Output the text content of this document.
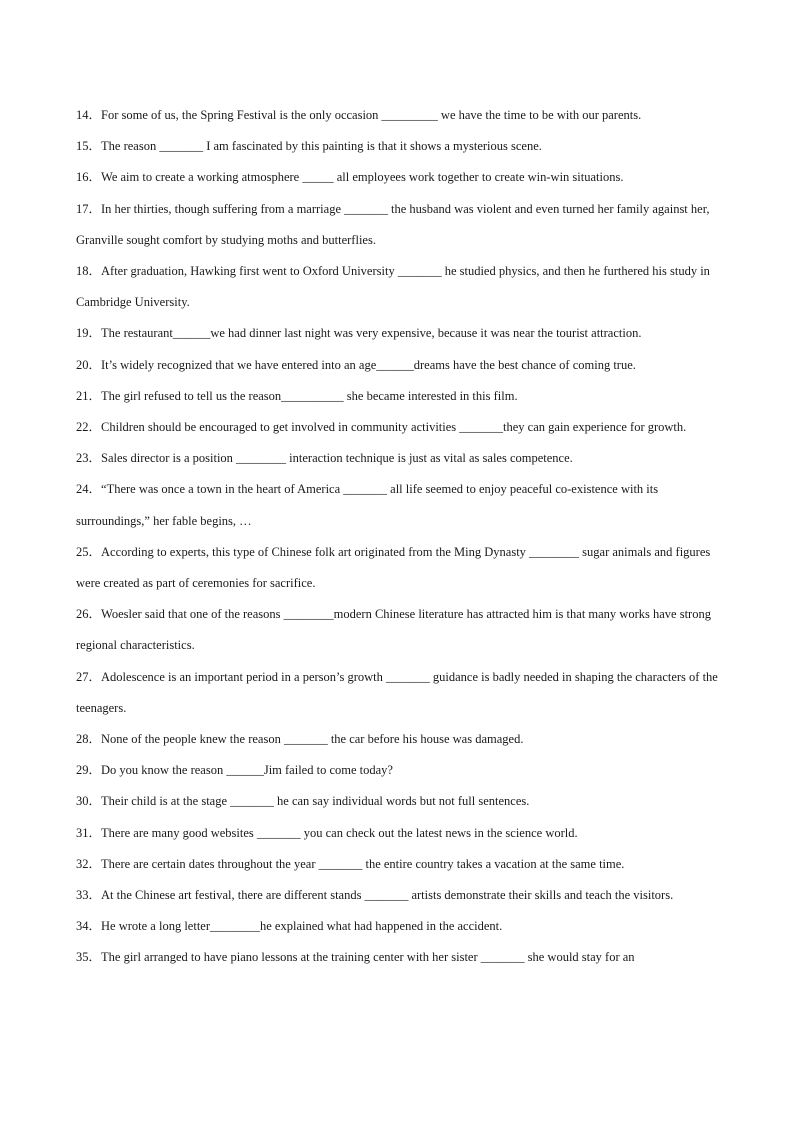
14．For some of us, the Spring Festival is the only occasion _________ we have the time to be with our parents.

15．The reason _______ I am fascinated by this painting is that it shows a mysterious scene.

16．We aim to create a working atmosphere _____ all employees work together to create win-win situations.

17．In her thirties, though suffering from a marriage _______ the husband was violent and even turned her family against her, Granville sought comfort by studying moths and butterflies.

18．After graduation, Hawking first went to Oxford University _______ he studied physics, and then he furthered his study in Cambridge University.

19．The restaurant______we had dinner last night was very expensive, because it was near the tourist attraction.

20．It’s widely recognized that we have entered into an age______dreams have the best chance of coming true.

21．The girl refused to tell us the reason__________ she became interested in this film.

22．Children should be encouraged to get involved in community activities _______they can gain experience for growth.

23．Sales director is a position ________ interaction technique is just as vital as sales competence.

24．“There was once a town in the heart of America _______ all life seemed to enjoy peaceful co-existence with its surroundings,” her fable begins, …

25．According to experts, this type of Chinese folk art originated from the Ming Dynasty ________ sugar animals and figures were created as part of ceremonies for sacrifice.

26．Woesler said that one of the reasons ________modern Chinese literature has attracted him is that many works have strong regional characteristics.

27．Adolescence is an important period in a person’s growth _______ guidance is badly needed in shaping the characters of the teenagers.

28．None of the people knew the reason _______ the car before his house was damaged.

29．Do you know the reason ______Jim failed to come today?

30．Their child is at the stage _______ he can say individual words but not full sentences.

31．There are many good websites _______ you can check out the latest news in the science world.

32．There are certain dates throughout the year _______ the entire country takes a vacation at the same time.

33．At the Chinese art festival, there are different stands _______ artists demonstrate their skills and teach the visitors.

34．He wrote a long letter________he explained what had happened in the accident.

35．The girl arranged to have piano lessons at the training center with her sister _______ she would stay for an
